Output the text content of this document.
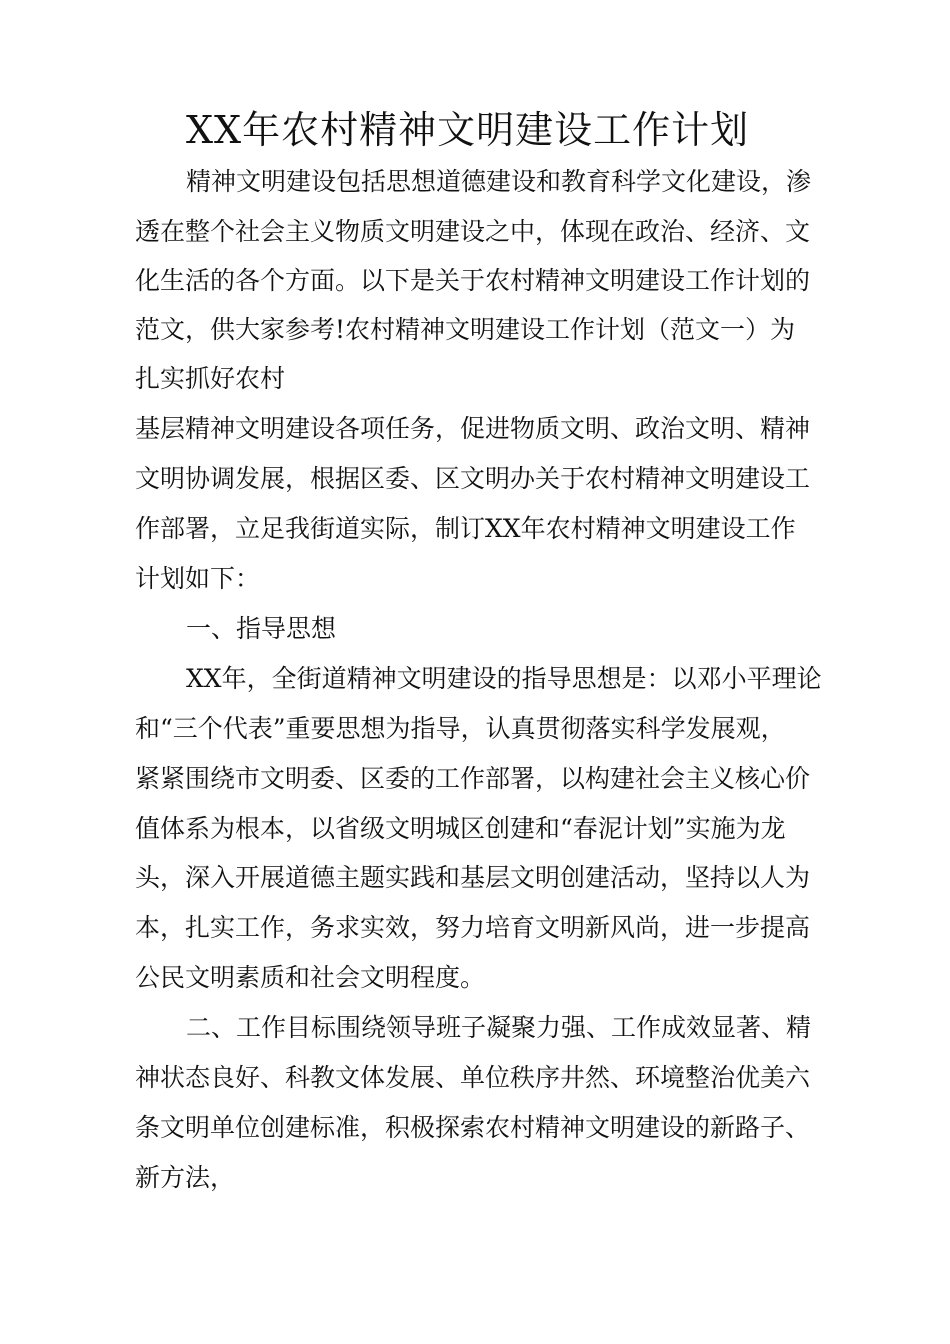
XX年农村精神文明建设工作计划

精神文明建设包括思想道德建设和教育科学文化建设，渗

透在整个社会主义物质文明建设之中，体现在政治、经济、文

化生活的各个方面。以下是关于农村精神文明建设工作计划的

范文，供大家参考!农村精神文明建设工作计划（范文一）为

扎实抓好农村

基层精神文明建设各项任务，促进物质文明、政治文明、精神

文明协调发展，根据区委、区文明办关于农村精神文明建设工

作部署，立足我街道实际，制订XX年农村精神文明建设工作

计划如下：

一、指导思想

XX年，全街道精神文明建设的指导思想是：以邓小平理论

和“三个代表”重要思想为指导，认真贯彻落实科学发展观，

紧紧围绕市文明委、区委的工作部署，以构建社会主义核心价

值体系为根本，以省级文明城区创建和“春泥计划”实施为龙

头，深入开展道德主题实践和基层文明创建活动，坚持以人为

本，扎实工作，务求实效，努力培育文明新风尚，进一步提高

公民文明素质和社会文明程度。

二、工作目标围绕领导班子凝聚力强、工作成效显著、精

神状态良好、科教文体发展、单位秩序井然、环境整治优美六

条文明单位创建标准，积极探索农村精神文明建设的新路子、

新方法，
